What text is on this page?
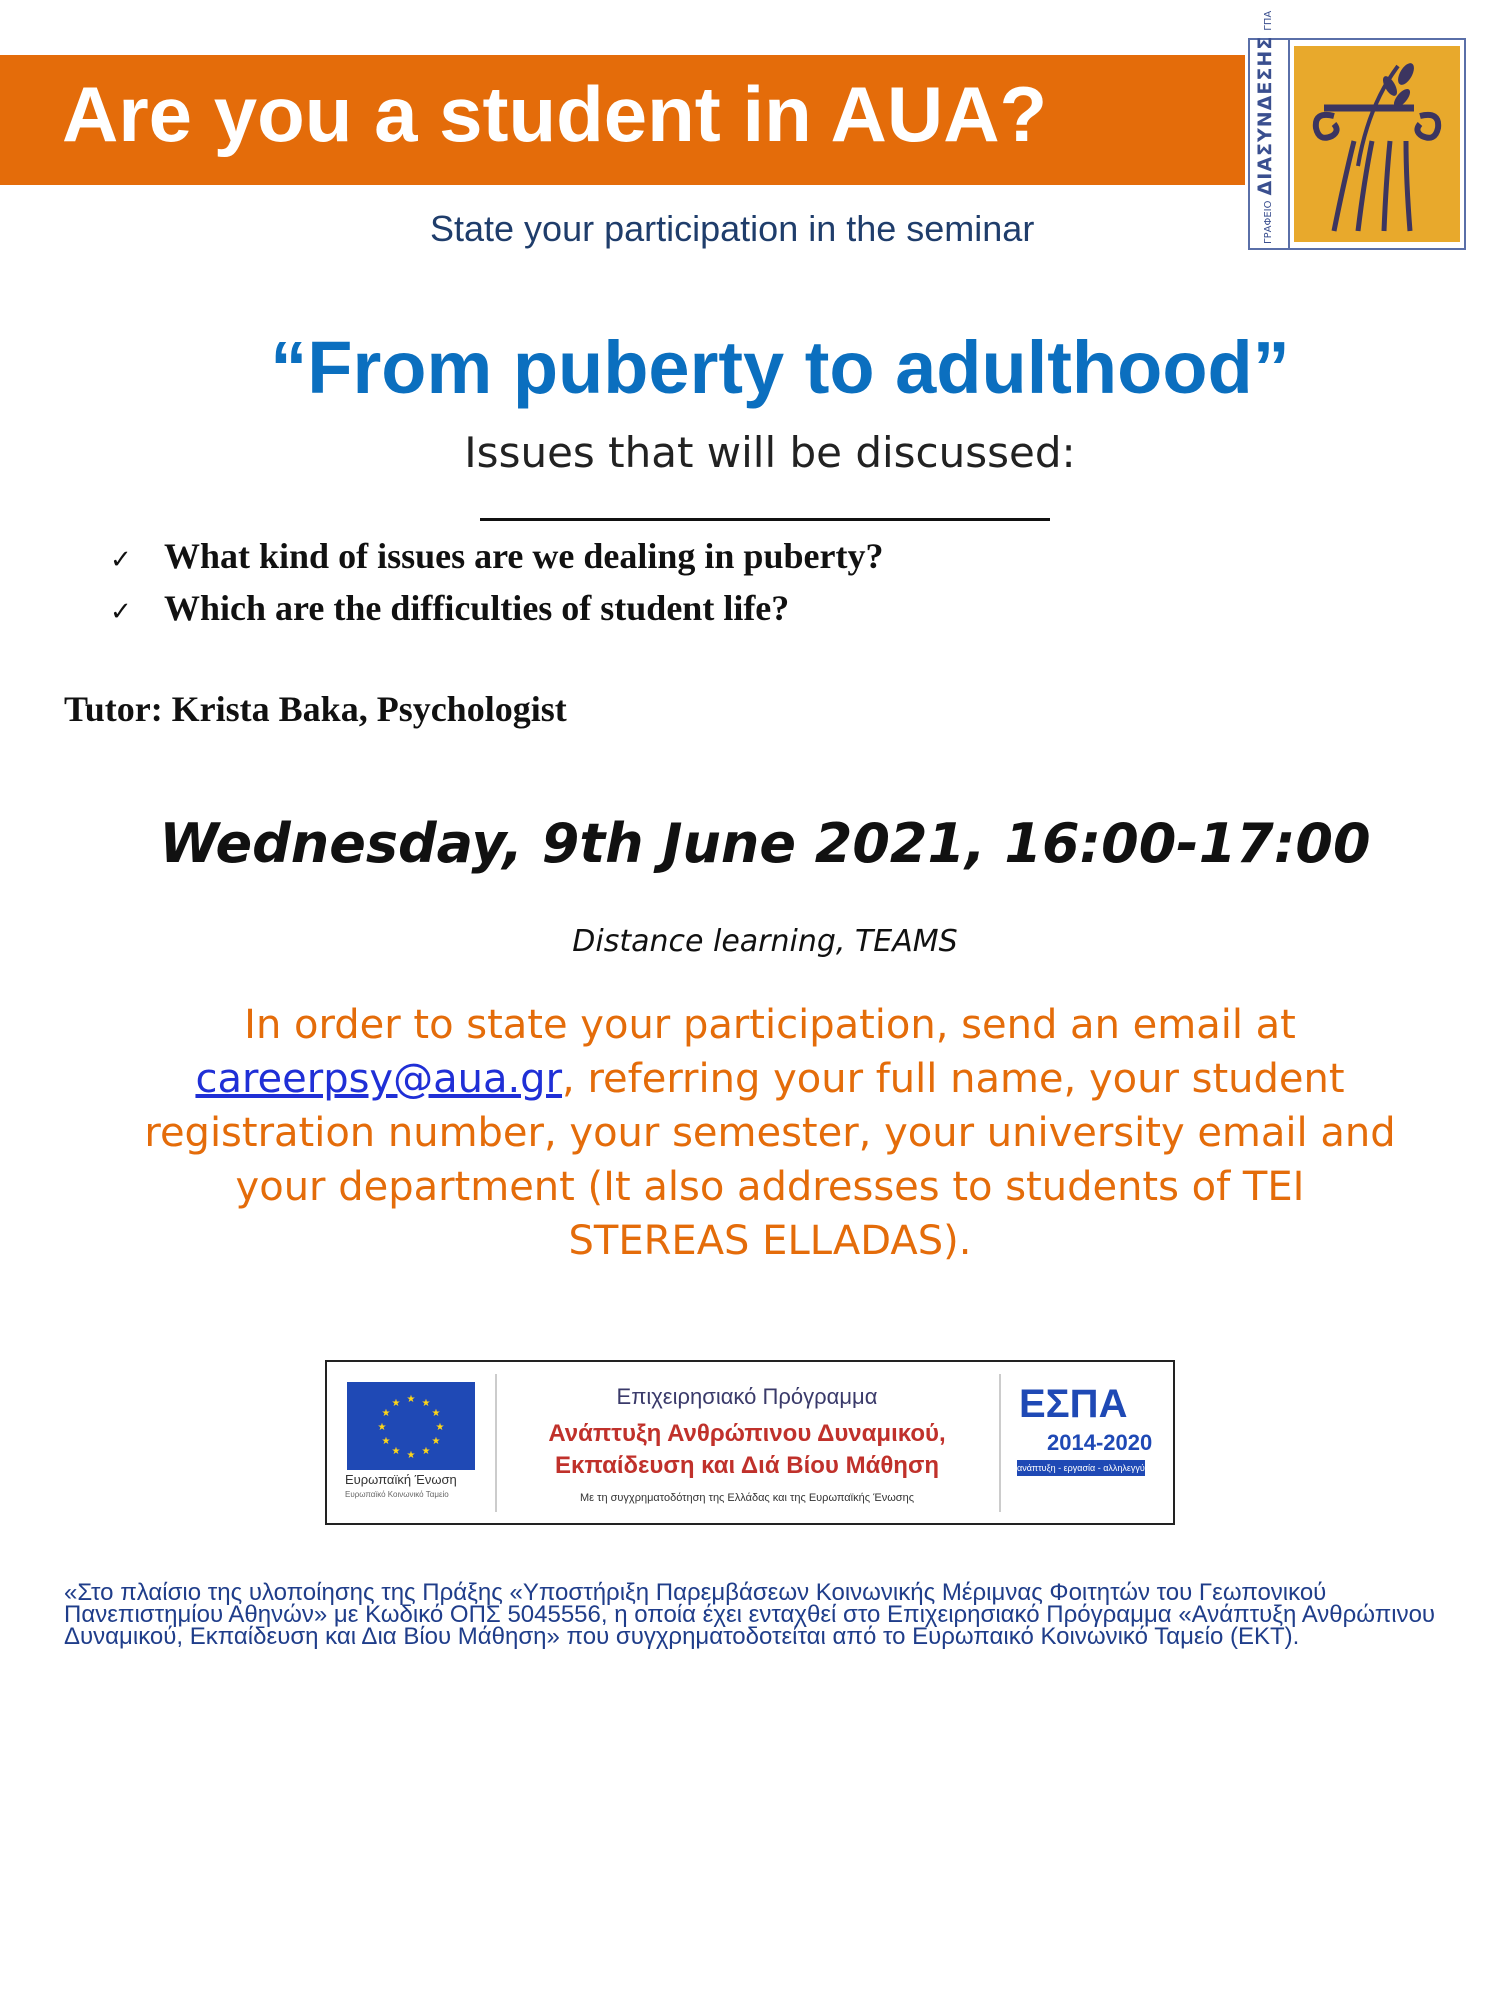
Are you a student in AUA?
ΓΡΑΦΕΙΟ ΔΙΑΣΥΝΔΕΣΗΣ ΓΠΑ
State your participation in the seminar
“From puberty to adulthood”
Issues that will be discussed:
✓ What kind of issues are we dealing in puberty?
✓ Which are the difficulties of student life?
Tutor: Krista Baka, Psychologist
Wednesday, 9th June 2021, 16:00-17:00
Distance learning, TEAMS
In order to state your participation, send an email at careerpsy@aua.gr, referring your full name, your student registration number, your semester, your university email and your department (It also addresses to students of TEI STEREAS ELLADAS).
★ ★
★
★
★
★
★
★
★
★
★
★
Ευρωπαϊκή Ένωση
Ευρωπαϊκό Κοινωνικό Ταμείο
Επιχειρησιακό Πρόγραμμα
Ανάπτυξη Ανθρώπινου Δυναμικού, Εκπαίδευση και Διά Βίου Μάθηση
Με τη συγχρηματοδότηση της Ελλάδας και της Ευρωπαϊκής Ένωσης
ΕΣΠΑ
2014-2020
ανάπτυξη - εργασία - αλληλεγγύη
«Στο πλαίσιο της υλοποίησης της Πράξης «Υποστήριξη Παρεμβάσεων Κοινωνικής Μέριμνας Φοιτητών του Γεωπονικού Πανεπιστημίου Αθηνών» με Κωδικό ΟΠΣ 5045556, η οποία έχει ενταχθεί στο Επιχειρησιακό Πρόγραμμα «Ανάπτυξη Ανθρώπινου Δυναμικού, Εκπαίδευση και Δια Βίου Μάθηση» που συγχρηματοδοτείται από το Ευρωπαικό Κοινωνικό Ταμείο (ΕΚΤ).
